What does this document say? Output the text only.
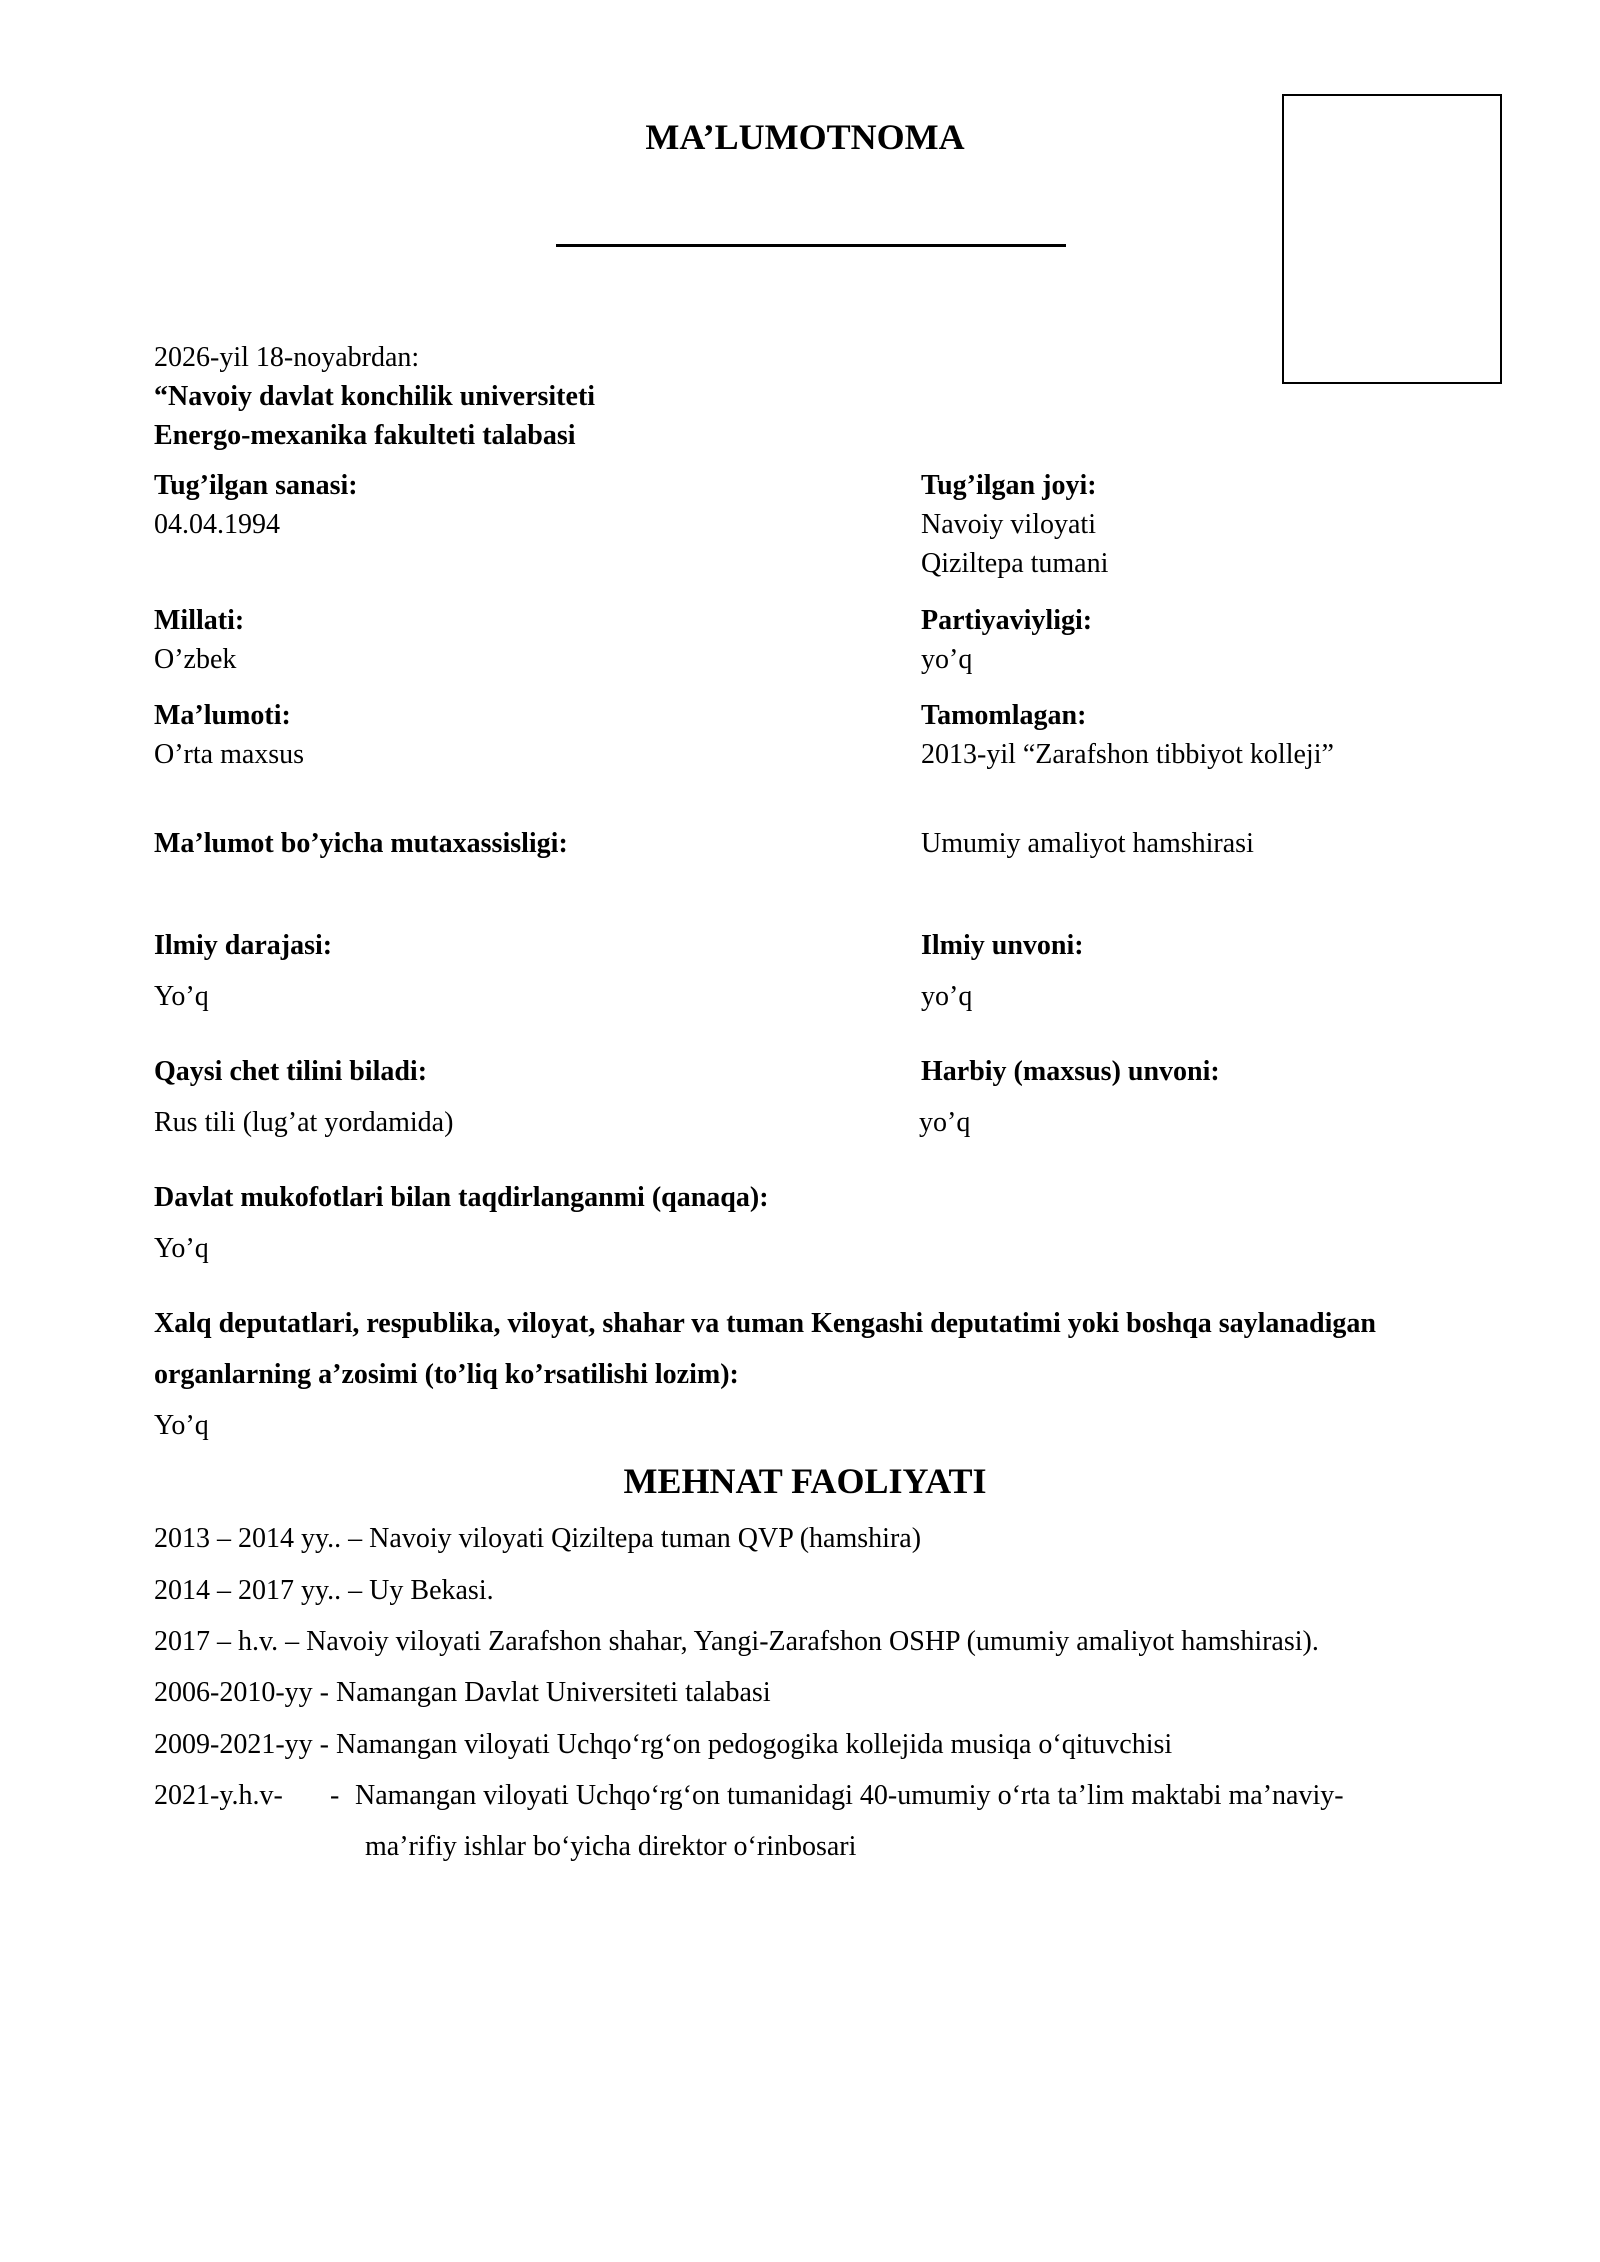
MA’LUMOTNOMA
2026-yil 18-noyabrdan:
“Navoiy davlat konchilik universiteti
Energo-mexanika fakulteti talabasi
Tug’ilgan sanasi:
04.04.1994
Tug’ilgan joyi:
Navoiy viloyati
Qiziltepa tumani
Millati:
O’zbek
Partiyaviyligi:
yo’q
Ma’lumoti:
O’rta maxsus
Tamomlagan:
2013-yil “Zarafshon tibbiyot kolleji”
Ma’lumot bo’yicha mutaxassisligi:	Umumiy amaliyot hamshirasi
Ilmiy darajasi:
Yo’q
Ilmiy unvoni:
yo’q
Qaysi chet tilini biladi:
Rus tili (lug’at yordamida)
Harbiy (maxsus) unvoni:
yo’q
Davlat mukofotlari bilan taqdirlanganmi (qanaqa):
Yo’q
Xalq deputatlari, respublika, viloyat, shahar va tuman Kengashi deputatimi yoki boshqa saylanadigan
organlarning a’zosimi (to’liq ko’rsatilishi lozim):
Yo’q
MEHNAT FAOLIYATI
2013 – 2014 yy.. – Navoiy viloyati Qiziltepa tuman QVP (hamshira)
2014 – 2017 yy.. – Uy Bekasi.
2017 – h.v. – Navoiy viloyati Zarafshon shahar, Yangi-Zarafshon OSHP (umumiy amaliyot hamshirasi).
2006-2010-yy - Namangan Davlat Universiteti talabasi
2009-2021-yy - Namangan viloyati Uchqo‘rg‘on pedogogika kollejida musiqa o‘qituvchisi
2021-y.h.v- - Namangan viloyati Uchqo‘rg‘on tumanidagi 40-umumiy o‘rta ta’lim maktabi ma’naviy-
ma’rifiy ishlar bo‘yicha direktor o‘rinbosari
